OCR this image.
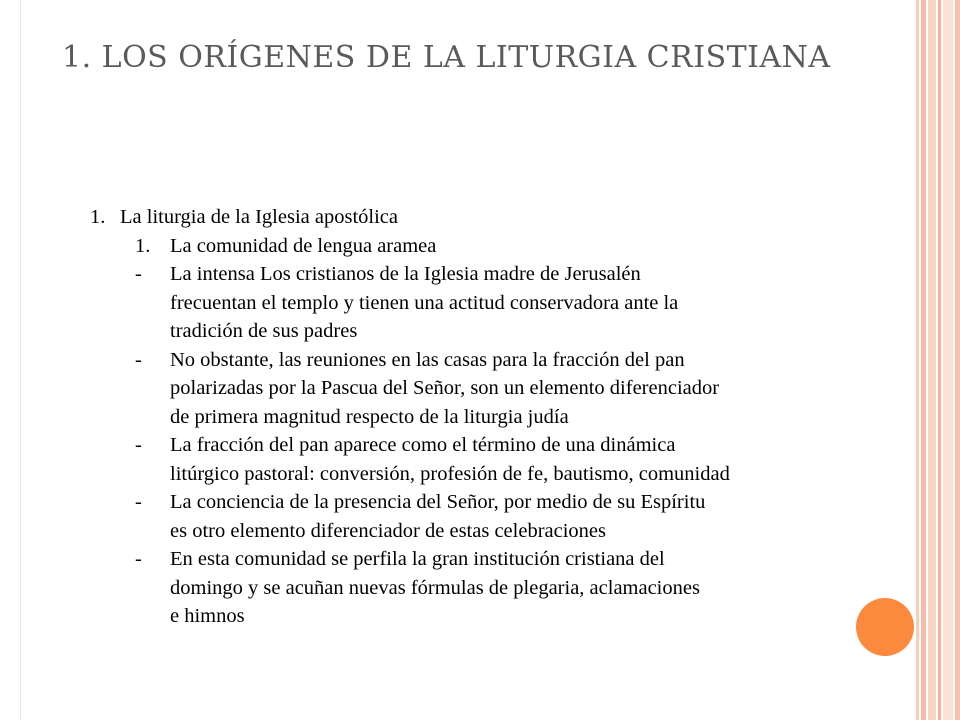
1. LOS ORÍGENES DE LA LITURGIA CRISTIANA
1. La liturgia de la Iglesia apostólica
1. La comunidad de lengua aramea
- La intensa Los cristianos de la Iglesia madre de Jerusalén
frecuentan el templo y tienen una actitud conservadora ante la
tradición de sus padres
- No obstante, las reuniones en las casas para la fracción del pan
polarizadas por la Pascua del Señor, son un elemento diferenciador
de primera magnitud respecto de la liturgia judía
- La fracción del pan aparece como el término de una dinámica
litúrgico pastoral: conversión, profesión de fe, bautismo, comunidad
- La conciencia de la presencia del Señor, por medio de su Espíritu
es otro elemento diferenciador de estas celebraciones
- En esta comunidad se perfila la gran institución cristiana del
domingo y se acuñan nuevas fórmulas de plegaria, aclamaciones
e himnos
